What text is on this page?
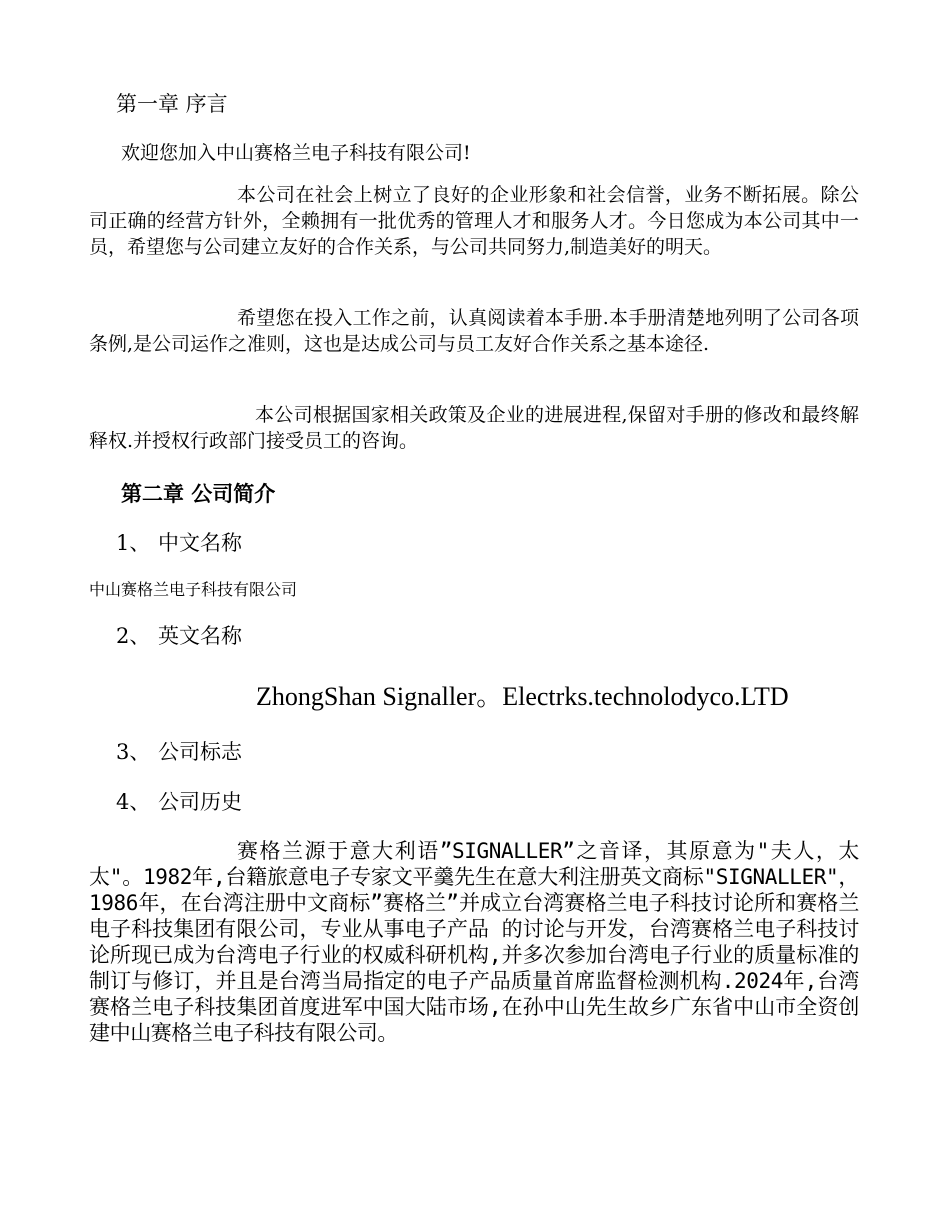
第一章 序言
欢迎您加入中山赛格兰电子科技有限公司!
本公司在社会上树立了良好的企业形象和社会信誉，业务不断拓展。除公司正确的经营方针外，全赖拥有一批优秀的管理人才和服务人才。今日您成为本公司其中一员，希望您与公司建立友好的合作关系，与公司共同努力,制造美好的明天。
希望您在投入工作之前，认真阅读着本手册.本手册清楚地列明了公司各项条例,是公司运作之准则，这也是达成公司与员工友好合作关系之基本途径.
本公司根据国家相关政策及企业的进展进程,保留对手册的修改和最终解释权.并授权行政部门接受员工的咨询。
第二章 公司简介
1、 中文名称
中山赛格兰电子科技有限公司
2、 英文名称
ZhongShan Signaller。Electrks.technolodyco.LTD
3、 公司标志
4、 公司历史
赛格兰源于意大利语”SIGNALLER”之音译，其原意为"夫人，太太"。1982年,台籍旅意电子专家文平羹先生在意大利注册英文商标"SIGNALLER"，1986年，在台湾注册中文商标”赛格兰”并成立台湾赛格兰电子科技讨论所和赛格兰电子科技集团有限公司，专业从事电子产品 的讨论与开发，台湾赛格兰电子科技讨论所现已成为台湾电子行业的权威科研机构,并多次参加台湾电子行业的质量标准的制订与修订，并且是台湾当局指定的电子产品质量首席监督检测机构.2024年,台湾赛格兰电子科技集团首度进军中国大陆市场,在孙中山先生故乡广东省中山市全资创建中山赛格兰电子科技有限公司。
